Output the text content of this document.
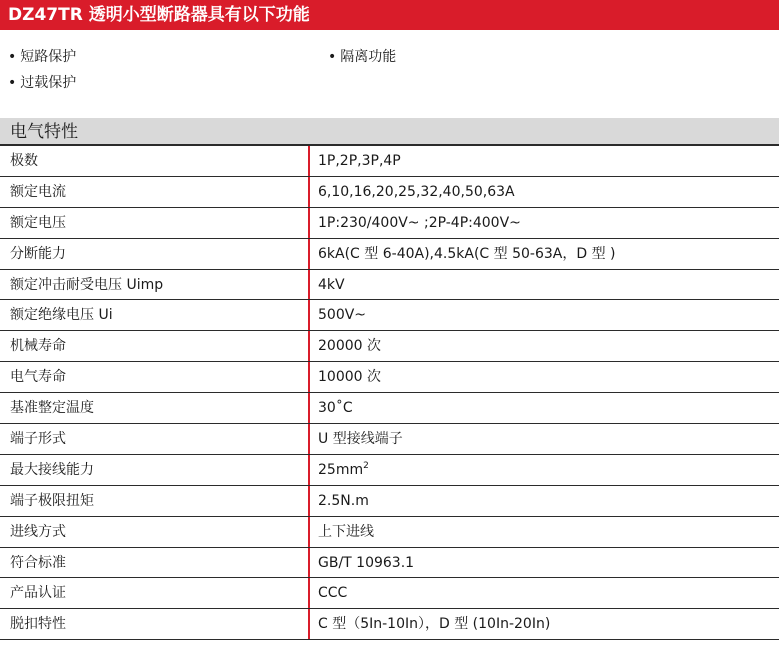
DZ47TR 透明小型断路器具有以下功能
• 短路保护
• 过载保护
• 隔离功能
电气特性
极数	1P,2P,3P,4P
额定电流	6,10,16,20,25,32,40,50,63A
额定电压	1P:230/400V~ ;2P-4P:400V~
分断能力	6kA(C 型 6-40A),4.5kA(C 型 50-63A，D 型 )
额定冲击耐受电压 Uimp	4kV
额定绝缘电压 Ui	500V~
机械寿命	20000 次
电气寿命	10000 次
基准整定温度	30˚C
端子形式	U 型接线端子
最大接线能力	$25mm^2$
端子极限扭矩	2.5N.m
进线方式	上下进线
符合标准	GB/T 10963.1
产品认证	CCC
脱扣特性	C 型（5In-10In），D 型 (10In-20In)
